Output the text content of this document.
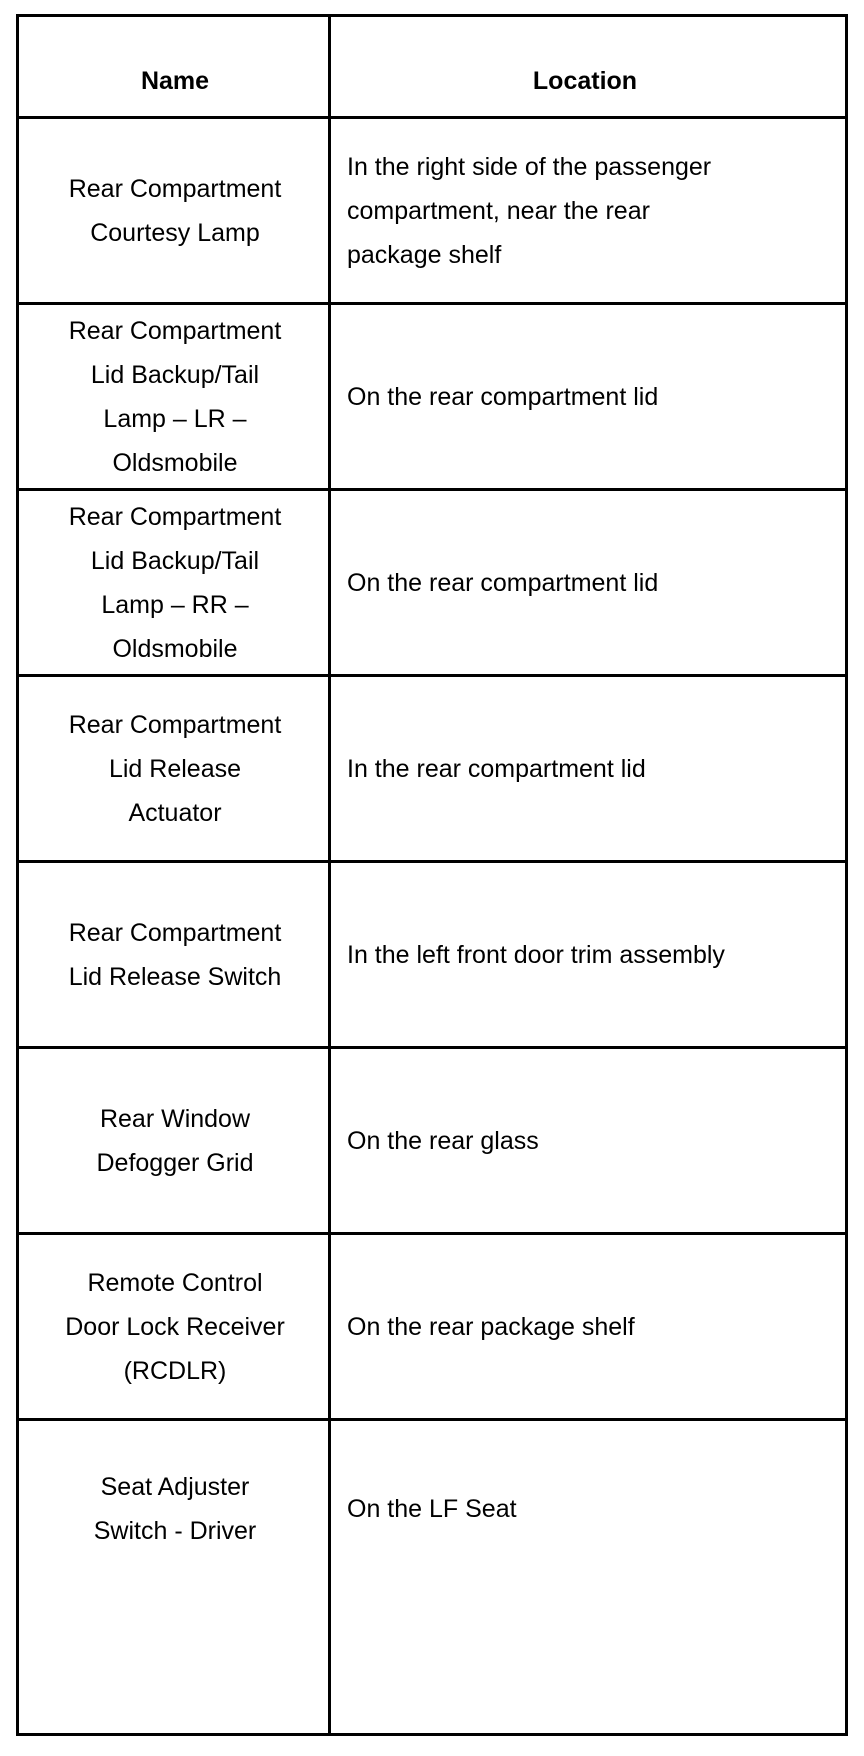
Name	Location
Rear Compartment
Courtesy Lamp
In the right side of the passenger
compartment, near the rear
package shelf
Rear Compartment
Lid Backup/Tail
Lamp – LR –
Oldsmobile
On the rear compartment lid
Rear Compartment
Lid Backup/Tail
Lamp – RR –
Oldsmobile
On the rear compartment lid
Rear Compartment
Lid Release
Actuator
In the rear compartment lid
Rear Compartment
Lid Release Switch
In the left front door trim assembly
Rear Window
Defogger Grid
On the rear glass
Remote Control
Door Lock Receiver
(RCDLR)
On the rear package shelf
Seat Adjuster
Switch - Driver
On the LF Seat
